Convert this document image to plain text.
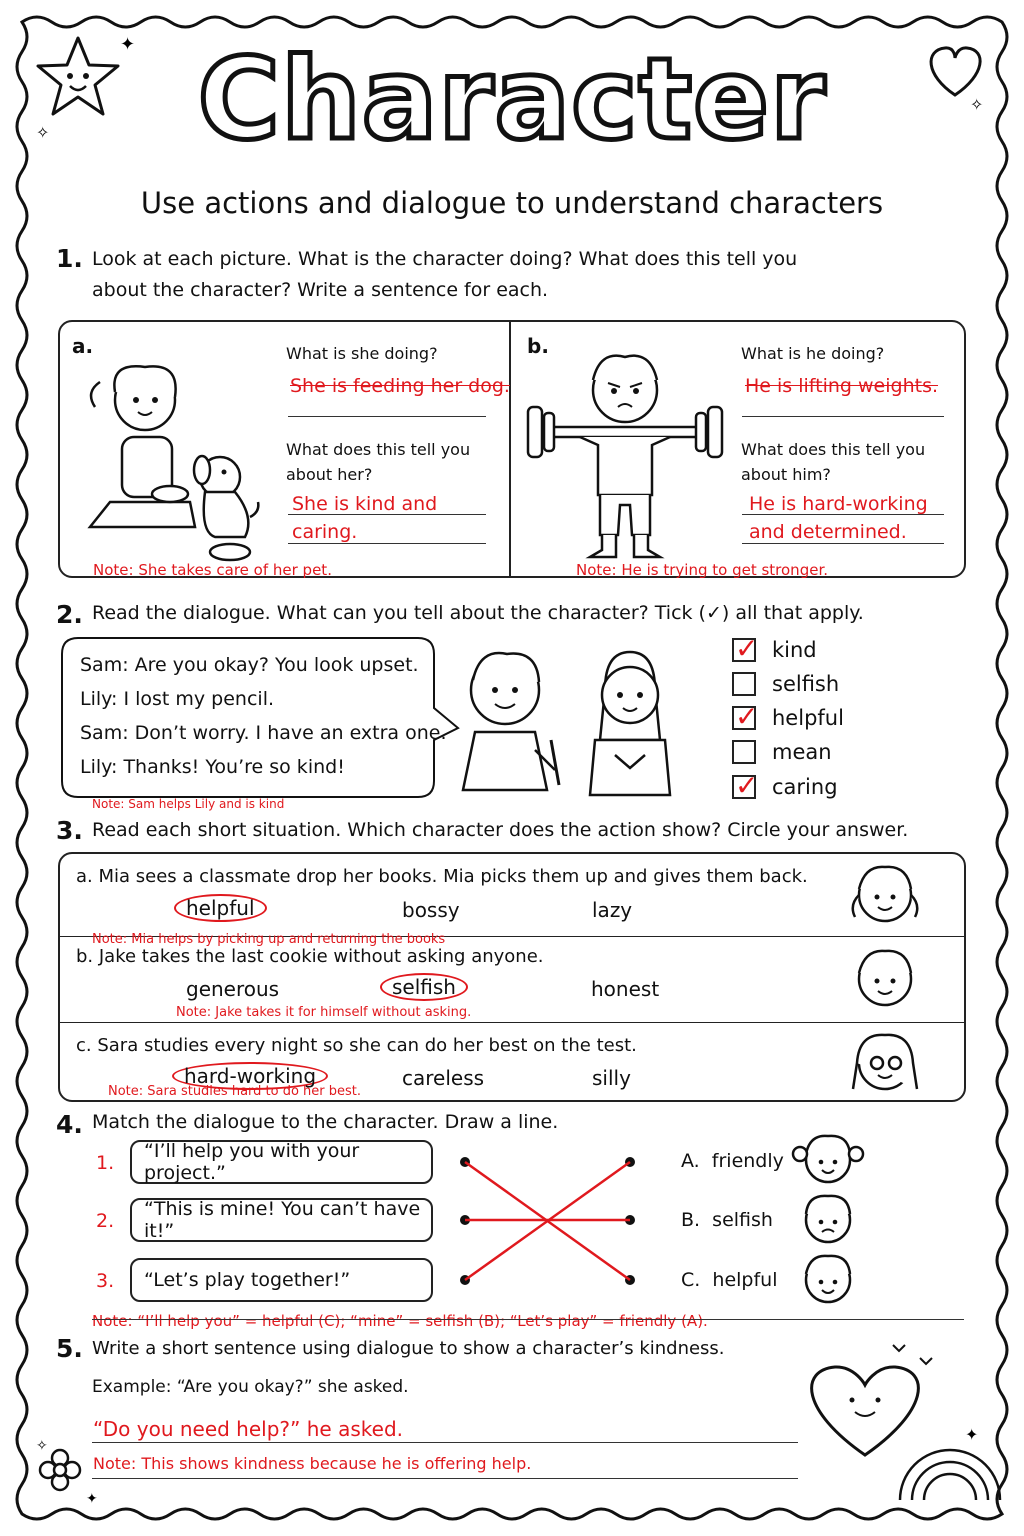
✦
✧
✧
✦
✧
✦
Character
Use actions and dialogue to understand characters
1. Look at each picture. What is the character doing? What does this tell you
about the character? Write a sentence for each.
a.	What is she doing?
She is feeding her dog.
What does this tell you
about her?
She is kind and
caring.
Note: She takes care of her pet.
b.	What is he doing?
He is lifting weights.
What does this tell you
about him?
He is hard-working
and determined.
Note: He is trying to get stronger.
2. Read the dialogue. What can you tell about the character? Tick (✓) all that apply.
Sam: Are you okay? You look upset.
Lily: I lost my pencil.
Sam: Don’t worry. I have an extra one.
Lily: Thanks! You’re so kind!
Note: Sam helps Lily and is kind
✓ kind
selfish
✓ helpful
mean
✓ caring
3. Read each short situation. Which character does the action show? Circle your answer.
a. Mia sees a classmate drop her books. Mia picks them up and gives them back.
helpful	bossy	lazy
Note: Mia helps by picking up and returning the books
b. Jake takes the last cookie without asking anyone.
generous	selfish	honest
Note: Jake takes it for himself without asking.
c. Sara studies every night so she can do her best on the test.
hard-working	careless	silly
Note: Sara studies hard to do her best.
4. Match the dialogue to the character. Draw a line.
1.
“I’ll help you with your project.”
2.
“This is mine! You can’t have it!”
3. “Let’s play together!”
A. friendly
B. selfish
C. helpful
Note: “I’ll help you” = helpful (C); “mine” = selfish (B); “Let’s play” = friendly (A).
5. Write a short sentence using dialogue to show a character’s kindness.
Example: “Are you okay?” she asked.
“Do you need help?” he asked.
Note: This shows kindness because he is offering help.
